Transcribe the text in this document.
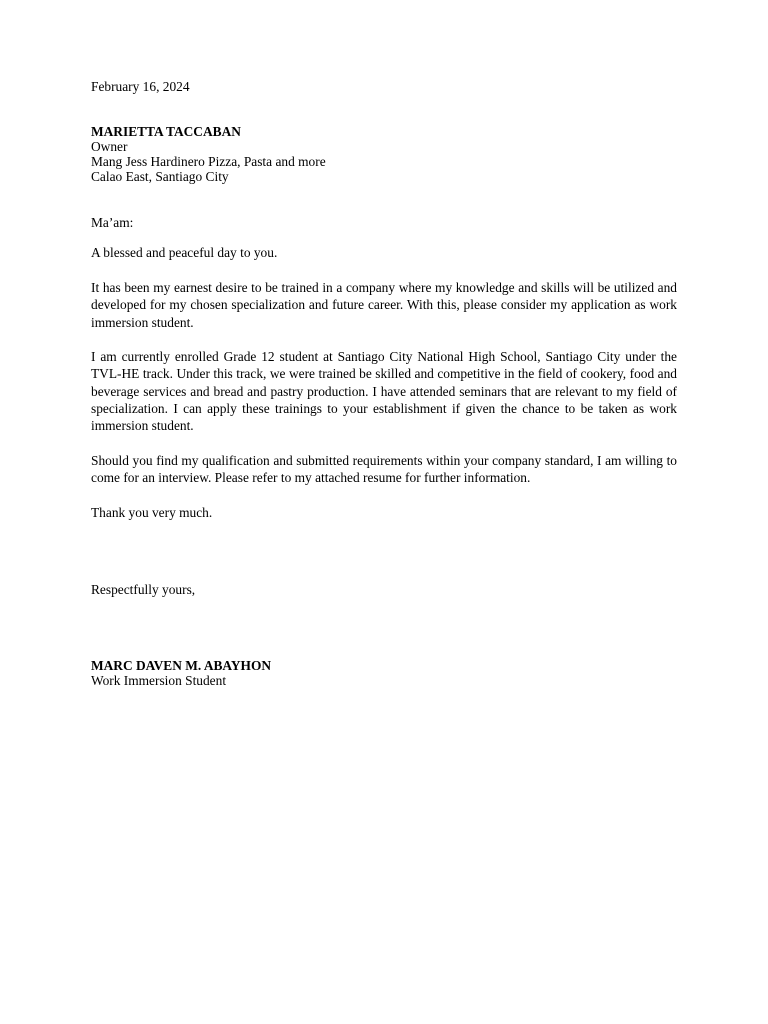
February 16, 2024
MARIETTA TACCABAN
Owner
Mang Jess Hardinero Pizza, Pasta and more
Calao East, Santiago City
Ma’am:
A blessed and peaceful day to you.
It has been my earnest desire to be trained in a company where my knowledge and skills will be utilized and developed for my chosen specialization and future career. With this, please consider my application as work immersion student.
I am currently enrolled Grade 12 student at Santiago City National High School, Santiago City under the TVL-HE track. Under this track, we were trained be skilled and competitive in the field of cookery, food and beverage services and bread and pastry production. I have attended seminars that are relevant to my field of specialization. I can apply these trainings to your establishment if given the chance to be taken as work immersion student.
Should you find my qualification and submitted requirements within your company standard, I am willing to come for an interview. Please refer to my attached resume for further information.
Thank you very much.
Respectfully yours,
MARC DAVEN M. ABAYHON
Work Immersion Student
